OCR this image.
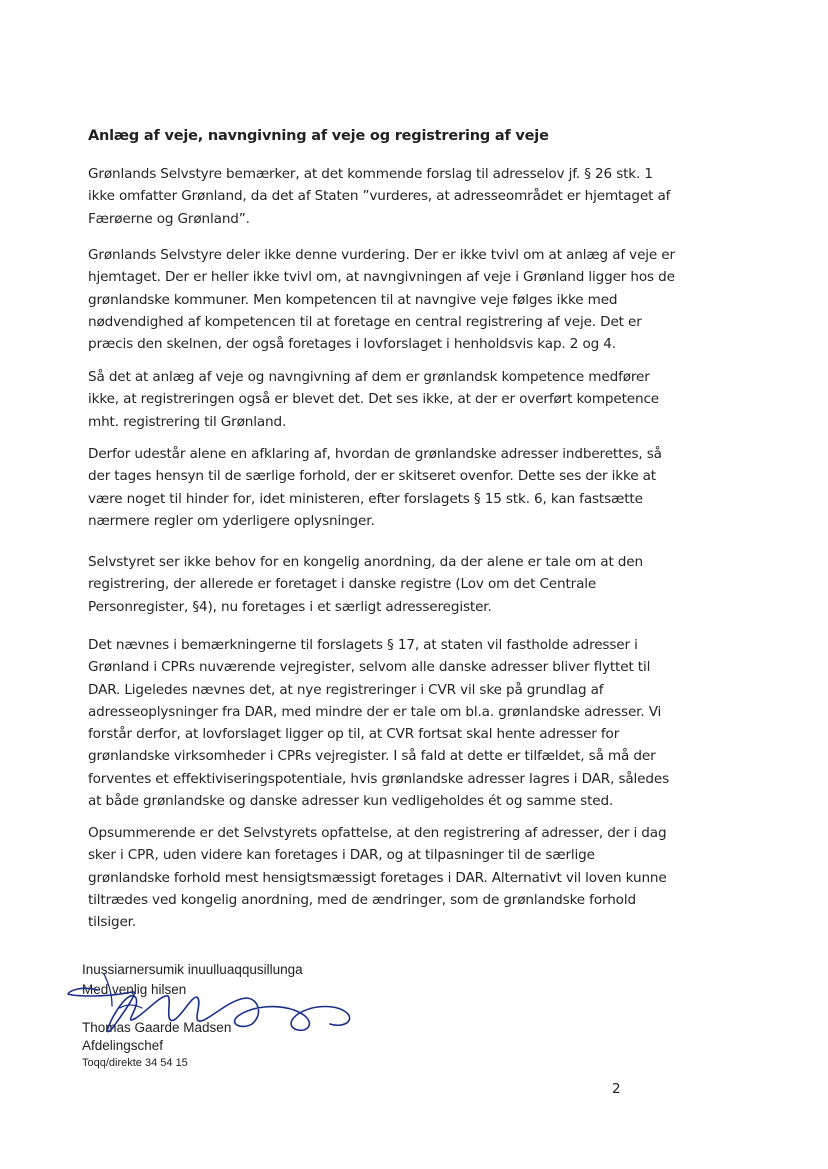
Anlæg af veje, navngivning af veje og registrering af veje
Grønlands Selvstyre bemærker, at det kommende forslag til adresselov jf. § 26 stk. 1
ikke omfatter Grønland, da det af Staten ”vurderes, at adresseområdet er hjemtaget af
Færøerne og Grønland”.
Grønlands Selvstyre deler ikke denne vurdering. Der er ikke tvivl om at anlæg af veje er
hjemtaget. Der er heller ikke tvivl om, at navngivningen af veje i Grønland ligger hos de
grønlandske kommuner. Men kompetencen til at navngive veje følges ikke med
nødvendighed af kompetencen til at foretage en central registrering af veje. Det er
præcis den skelnen, der også foretages i lovforslaget i henholdsvis kap. 2 og 4.
Så det at anlæg af veje og navngivning af dem er grønlandsk kompetence medfører
ikke, at registreringen også er blevet det. Det ses ikke, at der er overført kompetence
mht. registrering til Grønland.
Derfor udestår alene en afklaring af, hvordan de grønlandske adresser indberettes, så
der tages hensyn til de særlige forhold, der er skitseret ovenfor. Dette ses der ikke at
være noget til hinder for, idet ministeren, efter forslagets § 15 stk. 6, kan fastsætte
nærmere regler om yderligere oplysninger.
Selvstyret ser ikke behov for en kongelig anordning, da der alene er tale om at den
registrering, der allerede er foretaget i danske registre (Lov om det Centrale
Personregister, §4), nu foretages i et særligt adresseregister.
Det nævnes i bemærkningerne til forslagets § 17, at staten vil fastholde adresser i
Grønland i CPRs nuværende vejregister, selvom alle danske adresser bliver flyttet til
DAR. Ligeledes nævnes det, at nye registreringer i CVR vil ske på grundlag af
adresseoplysninger fra DAR, med mindre der er tale om bl.a. grønlandske adresser. Vi
forstår derfor, at lovforslaget ligger op til, at CVR fortsat skal hente adresser for
grønlandske virksomheder i CPRs vejregister. I så fald at dette er tilfældet, så må der
forventes et effektiviseringspotentiale, hvis grønlandske adresser lagres i DAR, således
at både grønlandske og danske adresser kun vedligeholdes ét og samme sted.
Opsummerende er det Selvstyrets opfattelse, at den registrering af adresser, der i dag
sker i CPR, uden videre kan foretages i DAR, og at tilpasninger til de særlige
grønlandske forhold mest hensigtsmæssigt foretages i DAR. Alternativt vil loven kunne
tiltrædes ved kongelig anordning, med de ændringer, som de grønlandske forhold
tilsiger.
Inussiarnersumik inuulluaqqusillunga
Med venlig hilsen
Thomas Gaarde Madsen
Afdelingschef
Toqq/direkte 34 54 15
2
